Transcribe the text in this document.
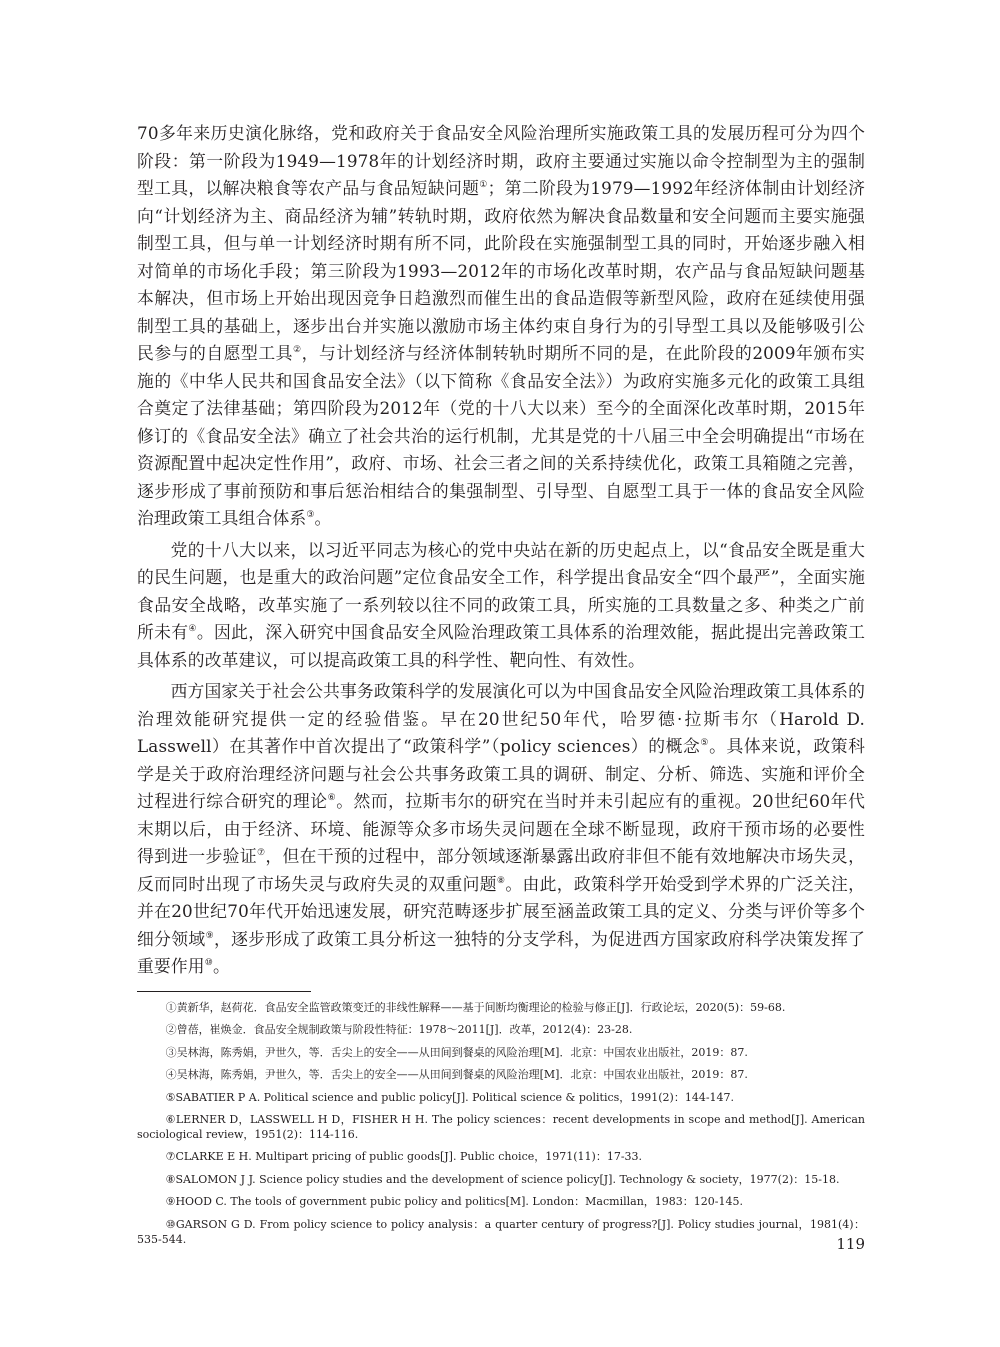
70多年来历史演化脉络，党和政府关于食品安全风险治理所实施政策工具的发展历程可分为四个阶段：第一阶段为1949—1978年的计划经济时期，政府主要通过实施以命令控制型为主的强制型工具，以解决粮食等农产品与食品短缺问题①；第二阶段为1979—1992年经济体制由计划经济向“计划经济为主、商品经济为辅”转轨时期，政府依然为解决食品数量和安全问题而主要实施强制型工具，但与单一计划经济时期有所不同，此阶段在实施强制型工具的同时，开始逐步融入相对简单的市场化手段；第三阶段为1993—2012年的市场化改革时期，农产品与食品短缺问题基本解决，但市场上开始出现因竞争日趋激烈而催生出的食品造假等新型风险，政府在延续使用强制型工具的基础上，逐步出台并实施以激励市场主体约束自身行为的引导型工具以及能够吸引公民参与的自愿型工具②，与计划经济与经济体制转轨时期所不同的是，在此阶段的2009年颁布实施的《中华人民共和国食品安全法》（以下简称《食品安全法》）为政府实施多元化的政策工具组合奠定了法律基础；第四阶段为2012年（党的十八大以来）至今的全面深化改革时期，2015年修订的《食品安全法》确立了社会共治的运行机制，尤其是党的十八届三中全会明确提出“市场在资源配置中起决定性作用”，政府、市场、社会三者之间的关系持续优化，政策工具箱随之完善，逐步形成了事前预防和事后惩治相结合的集强制型、引导型、自愿型工具于一体的食品安全风险治理政策工具组合体系③。

党的十八大以来，以习近平同志为核心的党中央站在新的历史起点上，以“食品安全既是重大的民生问题，也是重大的政治问题”定位食品安全工作，科学提出食品安全“四个最严”，全面实施食品安全战略，改革实施了一系列较以往不同的政策工具，所实施的工具数量之多、种类之广前所未有④。因此，深入研究中国食品安全风险治理政策工具体系的治理效能，据此提出完善政策工具体系的改革建议，可以提高政策工具的科学性、靶向性、有效性。

西方国家关于社会公共事务政策科学的发展演化可以为中国食品安全风险治理政策工具体系的治理效能研究提供一定的经验借鉴。早在20世纪50年代，哈罗德·拉斯韦尔（Harold D. Lasswell）在其著作中首次提出了“政策科学”（policy sciences）的概念⑤。具体来说，政策科学是关于政府治理经济问题与社会公共事务政策工具的调研、制定、分析、筛选、实施和评价全过程进行综合研究的理论⑥。然而，拉斯韦尔的研究在当时并未引起应有的重视。20世纪60年代末期以后，由于经济、环境、能源等众多市场失灵问题在全球不断显现，政府干预市场的必要性得到进一步验证⑦，但在干预的过程中，部分领域逐渐暴露出政府非但不能有效地解决市场失灵，反而同时出现了市场失灵与政府失灵的双重问题⑧。由此，政策科学开始受到学术界的广泛关注，并在20世纪70年代开始迅速发展，研究范畴逐步扩展至涵盖政策工具的定义、分类与评价等多个细分领域⑨，逐步形成了政策工具分析这一独特的分支学科，为促进西方国家政府科学决策发挥了重要作用⑩。

①黄新华，赵荷花．食品安全监管政策变迁的非线性解释——基于间断均衡理论的检验与修正[J]．行政论坛，2020(5)：59-68.

②曾蓓，崔焕金．食品安全规制政策与阶段性特征：1978～2011[J]．改革，2012(4)：23-28.

③吴林海，陈秀娟，尹世久，等．舌尖上的安全——从田间到餐桌的风险治理[M]．北京：中国农业出版社，2019：87.

④吴林海，陈秀娟，尹世久，等．舌尖上的安全——从田间到餐桌的风险治理[M]．北京：中国农业出版社，2019：87.

⑤SABATIER P A. Political science and public policy[J]. Political science & politics，1991(2)：144-147.

⑥LERNER D，LASSWELL H D，FISHER H H. The policy sciences：recent developments in scope and method[J]. American sociological review，1951(2)：114-116.

⑦CLARKE E H. Multipart pricing of public goods[J]. Public choice，1971(11)：17-33.

⑧SALOMON J J. Science policy studies and the development of science policy[J]. Technology & society，1977(2)：15-18.

⑨HOOD C. The tools of government pubic policy and politics[M]. London：Macmillan，1983：120-145.

⑩GARSON G D. From policy science to policy analysis：a quarter century of progress?[J]. Policy studies journal，1981(4)：535-544.	119
